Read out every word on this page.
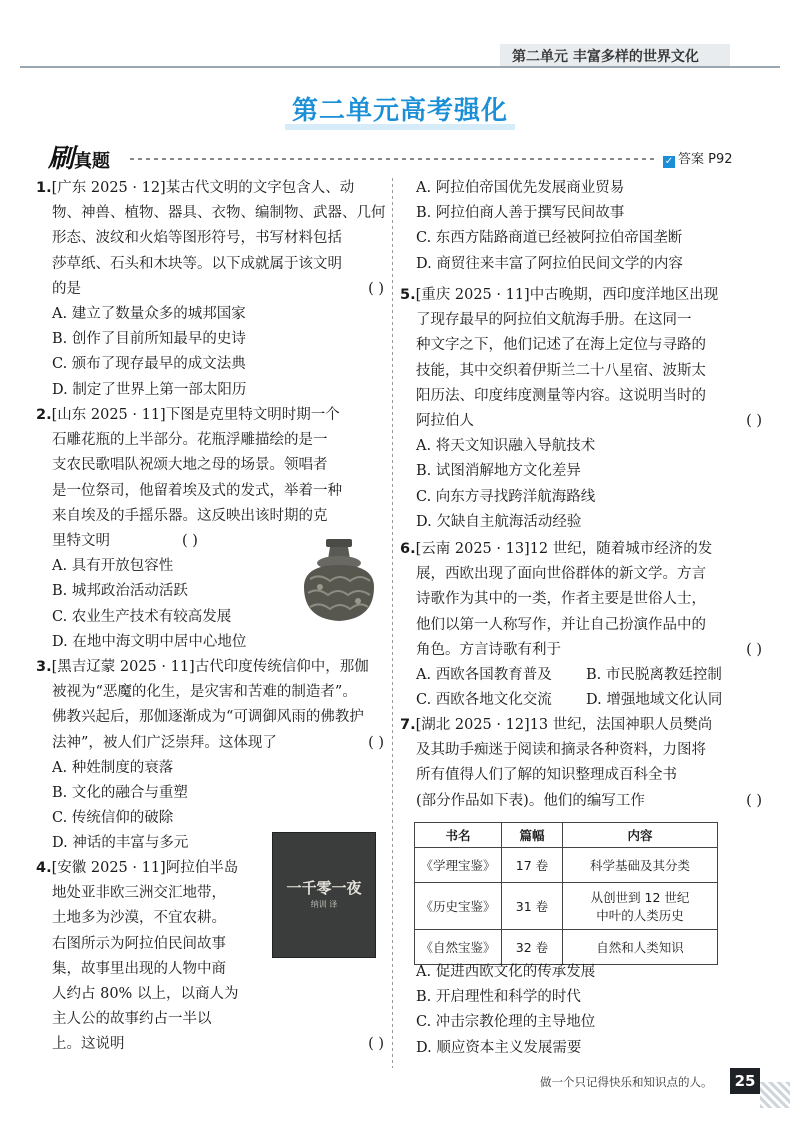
第二单元 丰富多样的世界文化
第二单元高考强化
刷真题	✓ 答案 P92
1.[广东 2025 · 12]某古代文明的文字包含人、动
物、神兽、植物、器具、衣物、编制物、武器、几何
形态、波纹和火焰等图形符号，书写材料包括
莎草纸、石头和木块等。以下成就属于该文明
的是	( )
A. 建立了数量众多的城邦国家
B. 创作了目前所知最早的史诗
C. 颁布了现存最早的成文法典
D. 制定了世界上第一部太阳历
2.[山东 2025 · 11]下图是克里特文明时期一个
石雕花瓶的上半部分。花瓶浮雕描绘的是一
支农民歌唱队祝颂大地之母的场景。领唱者
是一位祭司，他留着埃及式的发式，举着一种
来自埃及的手摇乐器。这反映出该时期的克
里特文明	( )
A. 具有开放包容性
B. 城邦政治活动活跃
C. 农业生产技术有较高发展
D. 在地中海文明中居中心地位
3.[黑吉辽蒙 2025 · 11]古代印度传统信仰中，那伽
被视为“恶魔的化生，是灾害和苦难的制造者”。
佛教兴起后，那伽逐渐成为“可调御风雨的佛教护
法神”，被人们广泛崇拜。这体现了	( )
A. 种姓制度的衰落
B. 文化的融合与重塑
C. 传统信仰的破除
D. 神话的丰富与多元
4.[安徽 2025 · 11]阿拉伯半岛
地处亚非欧三洲交汇地带，
土地多为沙漠，不宜农耕。
右图所示为阿拉伯民间故事
集，故事里出现的人物中商
人约占 80% 以上，以商人为
主人公的故事约占一半以
上。这说明	( )
一千零一夜
纳训 译
A. 阿拉伯帝国优先发展商业贸易
B. 阿拉伯商人善于撰写民间故事
C. 东西方陆路商道已经被阿拉伯帝国垄断
D. 商贸往来丰富了阿拉伯民间文学的内容
5.[重庆 2025 · 11]中古晚期，西印度洋地区出现
了现存最早的阿拉伯文航海手册。在这同一
种文字之下，他们记述了在海上定位与寻路的
技能，其中交织着伊斯兰二十八星宿、波斯太
阳历法、印度纬度测量等内容。这说明当时的
阿拉伯人	( )
A. 将天文知识融入导航技术
B. 试图消解地方文化差异
C. 向东方寻找跨洋航海路线
D. 欠缺自主航海活动经验
6.[云南 2025 · 13]12 世纪，随着城市经济的发
展，西欧出现了面向世俗群体的新文学。方言
诗歌作为其中的一类，作者主要是世俗人士，
他们以第一人称写作，并让自己扮演作品中的
角色。方言诗歌有利于	( )
A. 西欧各国教育普及 B. 市民脱离教廷控制
C. 西欧各地文化交流 D. 增强地域文化认同
7.[湖北 2025 · 12]13 世纪，法国神职人员樊尚
及其助手痴迷于阅读和摘录各种资料，力图将
所有值得人们了解的知识整理成百科全书
(部分作品如下表)。他们的编写工作	( )
书名	篇幅	内容
《学理宝鉴》	17 卷	科学基础及其分类
《历史宝鉴》	31 卷	从创世到 12 世纪
中叶的人类历史

《自然宝鉴》	32 卷	自然和人类知识
A. 促进西欧文化的传承发展
B. 开启理性和科学的时代
C. 冲击宗教伦理的主导地位
D. 顺应资本主义发展需要
做一个只记得快乐和知识点的人。	25
